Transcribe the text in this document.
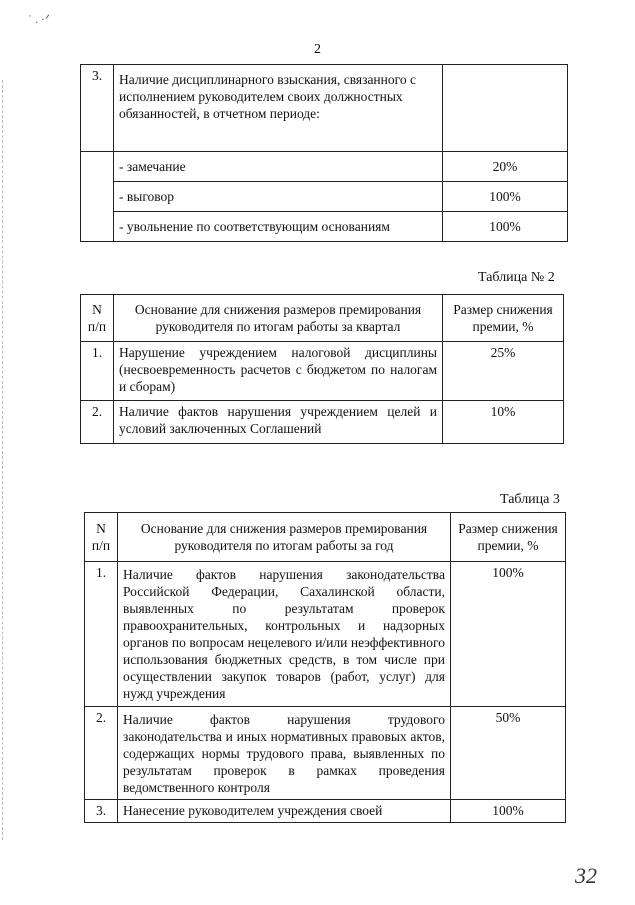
˙ . ·ᐟ
2
3.	Наличие дисциплинарного взыскания, связанного с исполнением руководителем своих должностных обязанностей, в отчетном периоде:	
	- замечание	20%
	- выговор	100%
	- увольнение по соответствующим основаниям	100%
Таблица № 2
N п/п	Основание для снижения размеров премирования руководителя по итогам работы за квартал	Размер снижения премии, %
1.	Нарушение учреждением налоговой дисциплины (несвоевременность расчетов с бюджетом по налогам и сборам)	25%
2.	Наличие фактов нарушения учреждением целей и условий заключенных Соглашений	10%
Таблица 3
N п/п	Основание для снижения размеров премирования руководителя по итогам работы за год	Размер снижения премии, %
1.	Наличие фактов нарушения законодательства Российской Федерации, Сахалинской области, выявленных по результатам проверок правоохранительных, контрольных и надзорных органов по вопросам нецелевого и/или неэффективного использования бюджетных средств, в том числе при осуществлении закупок товаров (работ, услуг) для нужд учреждения	100%
2.	Наличие фактов нарушения трудового законодательства и иных нормативных правовых актов, содержащих нормы трудового права, выявленных по результатам проверок в рамках проведения ведомственного контроля	50%
3.	Нанесение руководителем учреждения своей	100%
32
